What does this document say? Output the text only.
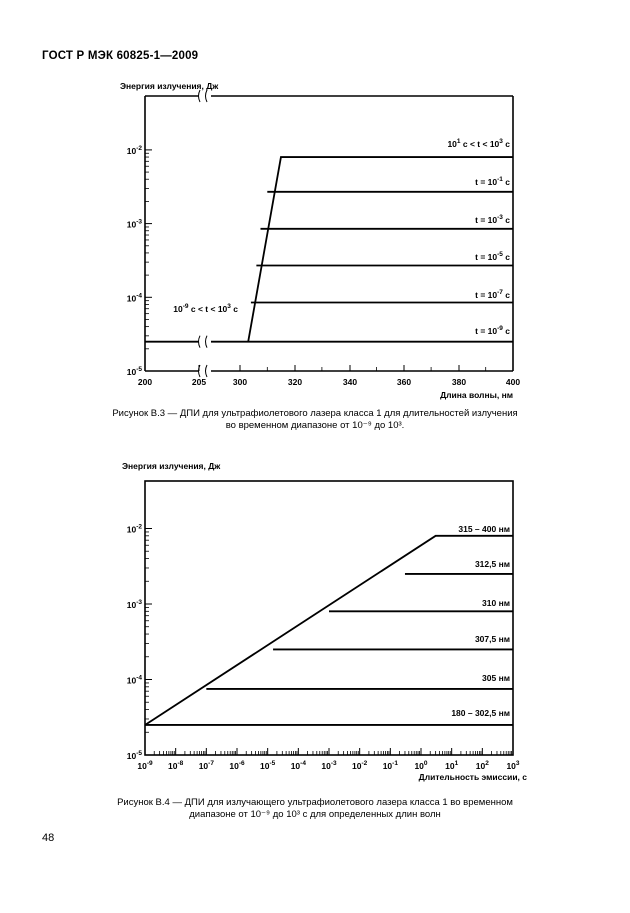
ГОСТ Р МЭК 60825-1—2009
200	205	300	320	340	360	380	400
Энергия излучения, Дж
Длина волны, нм
$10^{-2}$
$10^{-3}$
$10^{-4}$
$10^{-5}$
$10^1$ $с < t < 10^3$ с
$t = 10^{-1}$ с
$t = 10^{-3}$ с
$t = 10^{-5}$ с
$t = 10^{-7}$ с
$t = 10^{-9}$ с
$10^{-9}$ $с < t < 10^3$ с
Энергия излучения, Дж
Длительность эмиссии, с
315 – 400 нм
312,5 нм
310 нм
307,5 нм
305 нм
180 – 302,5 нм
$10^{-2}$
$10^{-3}$
$10^{-4}$
$10^{-5}$
$10^{-9}$ $10^{-8}$ $10^{-7}$ $10^{-6}$ $10^{-5}$ $10^{-4}$ $10^{-3}$ $10^{-2}$ $10^{-1}$ $10^0$ $10^1$ $10^2$ $10^3$
Рисунок В.3 — ДПИ для ультрафиолетового лазера класса 1 для длительностей излучения
во временном диапазоне от 10⁻⁹ до 10³.
Рисунок В.4 — ДПИ для излучающего ультрафиолетового лазера класса 1 во временном
диапазоне от 10⁻⁹ до 10³ с для определенных длин волн
48
